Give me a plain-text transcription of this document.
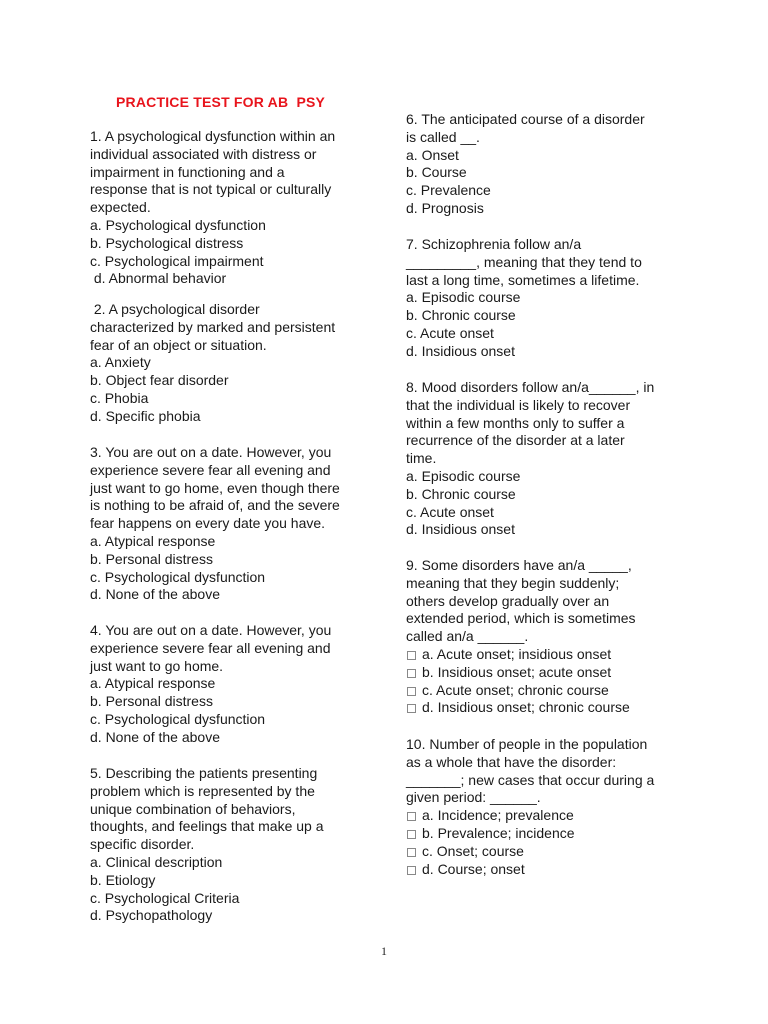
PRACTICE TEST FOR AB  PSY
1. A psychological dysfunction within an
individual associated with distress or
impairment in functioning and a
response that is not typical or culturally
expected.
a. Psychological dysfunction
b. Psychological distress
c. Psychological impairment
d. Abnormal behavior
2. A psychological disorder
characterized by marked and persistent
fear of an object or situation.
a. Anxiety
b. Object fear disorder
c. Phobia
d. Specific phobia
3. You are out on a date. However, you
experience severe fear all evening and
just want to go home, even though there
is nothing to be afraid of, and the severe
fear happens on every date you have.
a. Atypical response
b. Personal distress
c. Psychological dysfunction
d. None of the above
4. You are out on a date. However, you
experience severe fear all evening and
just want to go home.
a. Atypical response
b. Personal distress
c. Psychological dysfunction
d. None of the above
5. Describing the patients presenting
problem which is represented by the
unique combination of behaviors,
thoughts, and feelings that make up a
specific disorder.
a. Clinical description
b. Etiology
c. Psychological Criteria
d. Psychopathology
6. The anticipated course of a disorder
is called __.
a. Onset
b. Course
c. Prevalence
d. Prognosis
7. Schizophrenia follow an/a
_________, meaning that they tend to
last a long time, sometimes a lifetime.
a. Episodic course
b. Chronic course
c. Acute onset
d. Insidious onset
8. Mood disorders follow an/a______, in
that the individual is likely to recover
within a few months only to suffer a
recurrence of the disorder at a later
time.
a. Episodic course
b. Chronic course
c. Acute onset
d. Insidious onset
9. Some disorders have an/a _____,
meaning that they begin suddenly;
others develop gradually over an
extended period, which is sometimes
called an/a ______.
a. Acute onset; insidious onset
b. Insidious onset; acute onset
c. Acute onset; chronic course
d. Insidious onset; chronic course
10. Number of people in the population
as a whole that have the disorder:
_______; new cases that occur during a
given period: ______.
a. Incidence; prevalence
b. Prevalence; incidence
c. Onset; course
d. Course; onset
1
